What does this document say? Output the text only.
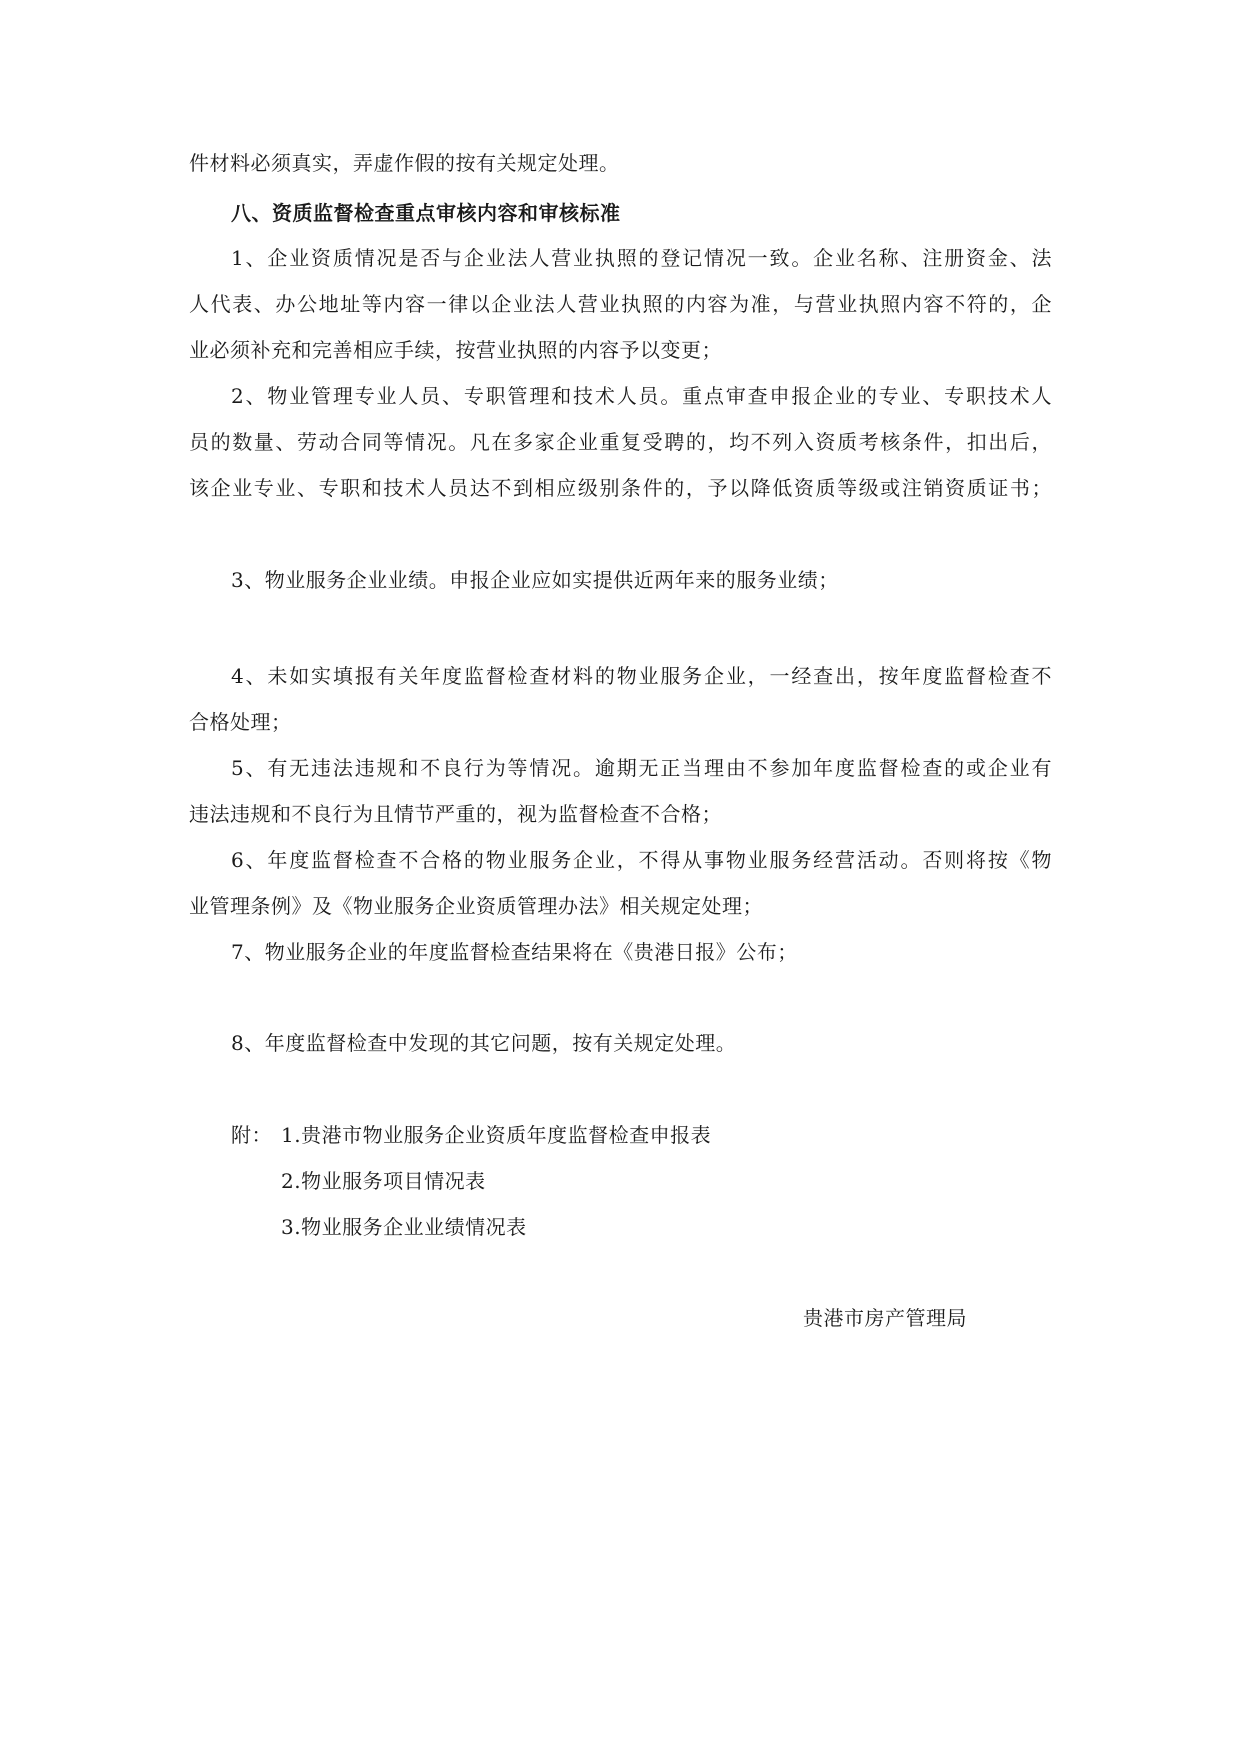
件材料必须真实，弄虚作假的按有关规定处理。
八、资质监督检查重点审核内容和审核标准
1、企业资质情况是否与企业法人营业执照的登记情况一致。企业名称、注册资金、法
人代表、办公地址等内容一律以企业法人营业执照的内容为准，与营业执照内容不符的，企
业必须补充和完善相应手续，按营业执照的内容予以变更；
2、物业管理专业人员、专职管理和技术人员。重点审查申报企业的专业、专职技术人
员的数量、劳动合同等情况。凡在多家企业重复受聘的，均不列入资质考核条件，扣出后，
该企业专业、专职和技术人员达不到相应级别条件的，予以降低资质等级或注销资质证书；
3、物业服务企业业绩。申报企业应如实提供近两年来的服务业绩；
4、未如实填报有关年度监督检查材料的物业服务企业，一经查出，按年度监督检查不
合格处理；
5、有无违法违规和不良行为等情况。逾期无正当理由不参加年度监督检查的或企业有
违法违规和不良行为且情节严重的，视为监督检查不合格；
6、年度监督检查不合格的物业服务企业，不得从事物业服务经营活动。否则将按《物
业管理条例》及《物业服务企业资质管理办法》相关规定处理；
7、物业服务企业的年度监督检查结果将在《贵港日报》公布；
8、年度监督检查中发现的其它问题，按有关规定处理。
附： 1.贵港市物业服务企业资质年度监督检查申报表
2.物业服务项目情况表
3.物业服务企业业绩情况表
贵港市房产管理局
